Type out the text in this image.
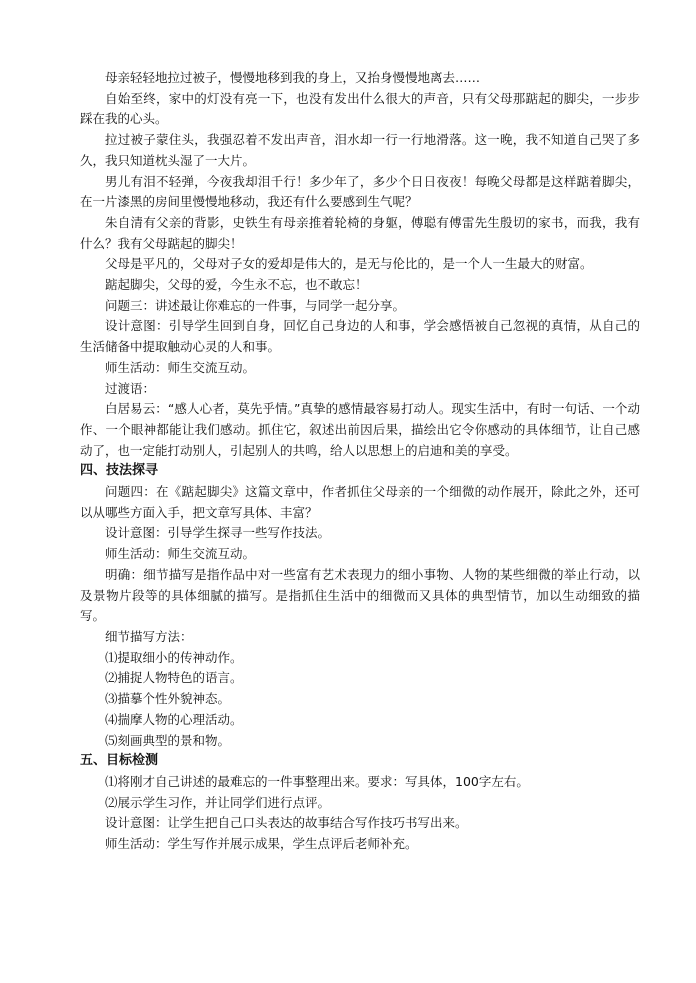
母亲轻轻地拉过被子，慢慢地移到我的身上，又抬身慢慢地离去……

自始至终，家中的灯没有亮一下，也没有发出什么很大的声音，只有父母那踮起的脚尖，一步步踩在我的心头。

拉过被子蒙住头，我强忍着不发出声音，泪水却一行一行地滑落。这一晚，我不知道自己哭了多久，我只知道枕头湿了一大片。

男儿有泪不轻弹，今夜我却泪千行！多少年了，多少个日日夜夜！每晚父母都是这样踮着脚尖，在一片漆黑的房间里慢慢地移动，我还有什么要感到生气呢？

朱自清有父亲的背影，史铁生有母亲推着轮椅的身躯，傅聪有傅雷先生殷切的家书，而我，我有什么？我有父母踮起的脚尖！

父母是平凡的，父母对子女的爱却是伟大的，是无与伦比的，是一个人一生最大的财富。

踮起脚尖，父母的爱，今生永不忘，也不敢忘！

问题三：讲述最让你难忘的一件事，与同学一起分享。

设计意图：引导学生回到自身，回忆自己身边的人和事，学会感悟被自己忽视的真情，从自己的生活储备中提取触动心灵的人和事。

师生活动：师生交流互动。

过渡语：

白居易云：“感人心者，莫先乎情。”真挚的感情最容易打动人。现实生活中，有时一句话、一个动作、一个眼神都能让我们感动。抓住它，叙述出前因后果，描绘出它令你感动的具体细节，让自己感动了，也一定能打动别人，引起别人的共鸣，给人以思想上的启迪和美的享受。

四、技法探寻

问题四：在《踮起脚尖》这篇文章中，作者抓住父母亲的一个细微的动作展开，除此之外，还可以从哪些方面入手，把文章写具体、丰富？

设计意图：引导学生探寻一些写作技法。

师生活动：师生交流互动。

明确：细节描写是指作品中对一些富有艺术表现力的细小事物、人物的某些细微的举止行动，以及景物片段等的具体细腻的描写。是指抓住生活中的细微而又具体的典型情节，加以生动细致的描写。

细节描写方法：

⑴提取细小的传神动作。

⑵捕捉人物特色的语言。

⑶描摹个性外貌神态。

⑷揣摩人物的心理活动。

⑸刻画典型的景和物。

五、目标检测

⑴将刚才自己讲述的最难忘的一件事整理出来。要求：写具体，100字左右。

⑵展示学生习作，并让同学们进行点评。

设计意图：让学生把自己口头表达的故事结合写作技巧书写出来。

师生活动：学生写作并展示成果，学生点评后老师补充。
